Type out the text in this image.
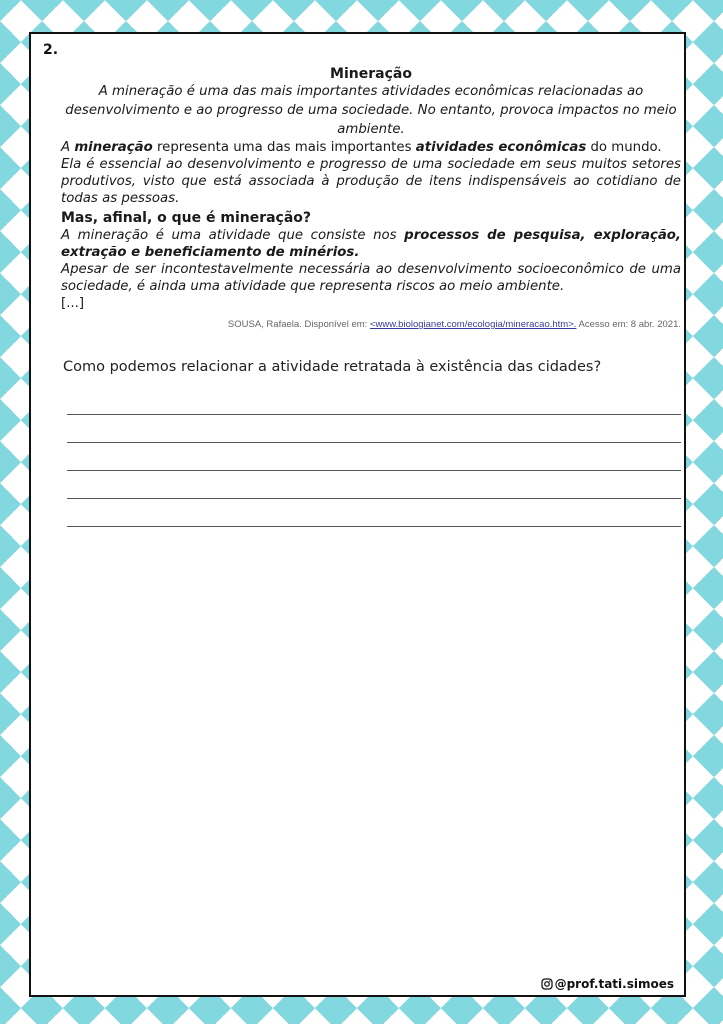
2.
Mineração
A mineração é uma das mais importantes atividades econômicas relacionadas ao desenvolvimento e ao progresso de uma sociedade. No entanto, provoca impactos no meio ambiente.
A mineração representa uma das mais importantes atividades econômicas do mundo.
Ela é essencial ao desenvolvimento e progresso de uma sociedade em seus muitos setores produtivos, visto que está associada à produção de itens indispensáveis ao cotidiano de todas as pessoas.
Mas, afinal, o que é mineração?
A mineração é uma atividade que consiste nos processos de pesquisa, exploração, extração e beneficiamento de minérios.
Apesar de ser incontestavelmente necessária ao desenvolvimento socioeconômico de uma sociedade, é ainda uma atividade que representa riscos ao meio ambiente.
[...]
SOUSA, Rafaela. Disponível em: <www.biologianet.com/ecologia/mineracao.htm>. Acesso em: 8 abr. 2021.
Como podemos relacionar a atividade retratada à existência das cidades?
@prof.tati.simoes
